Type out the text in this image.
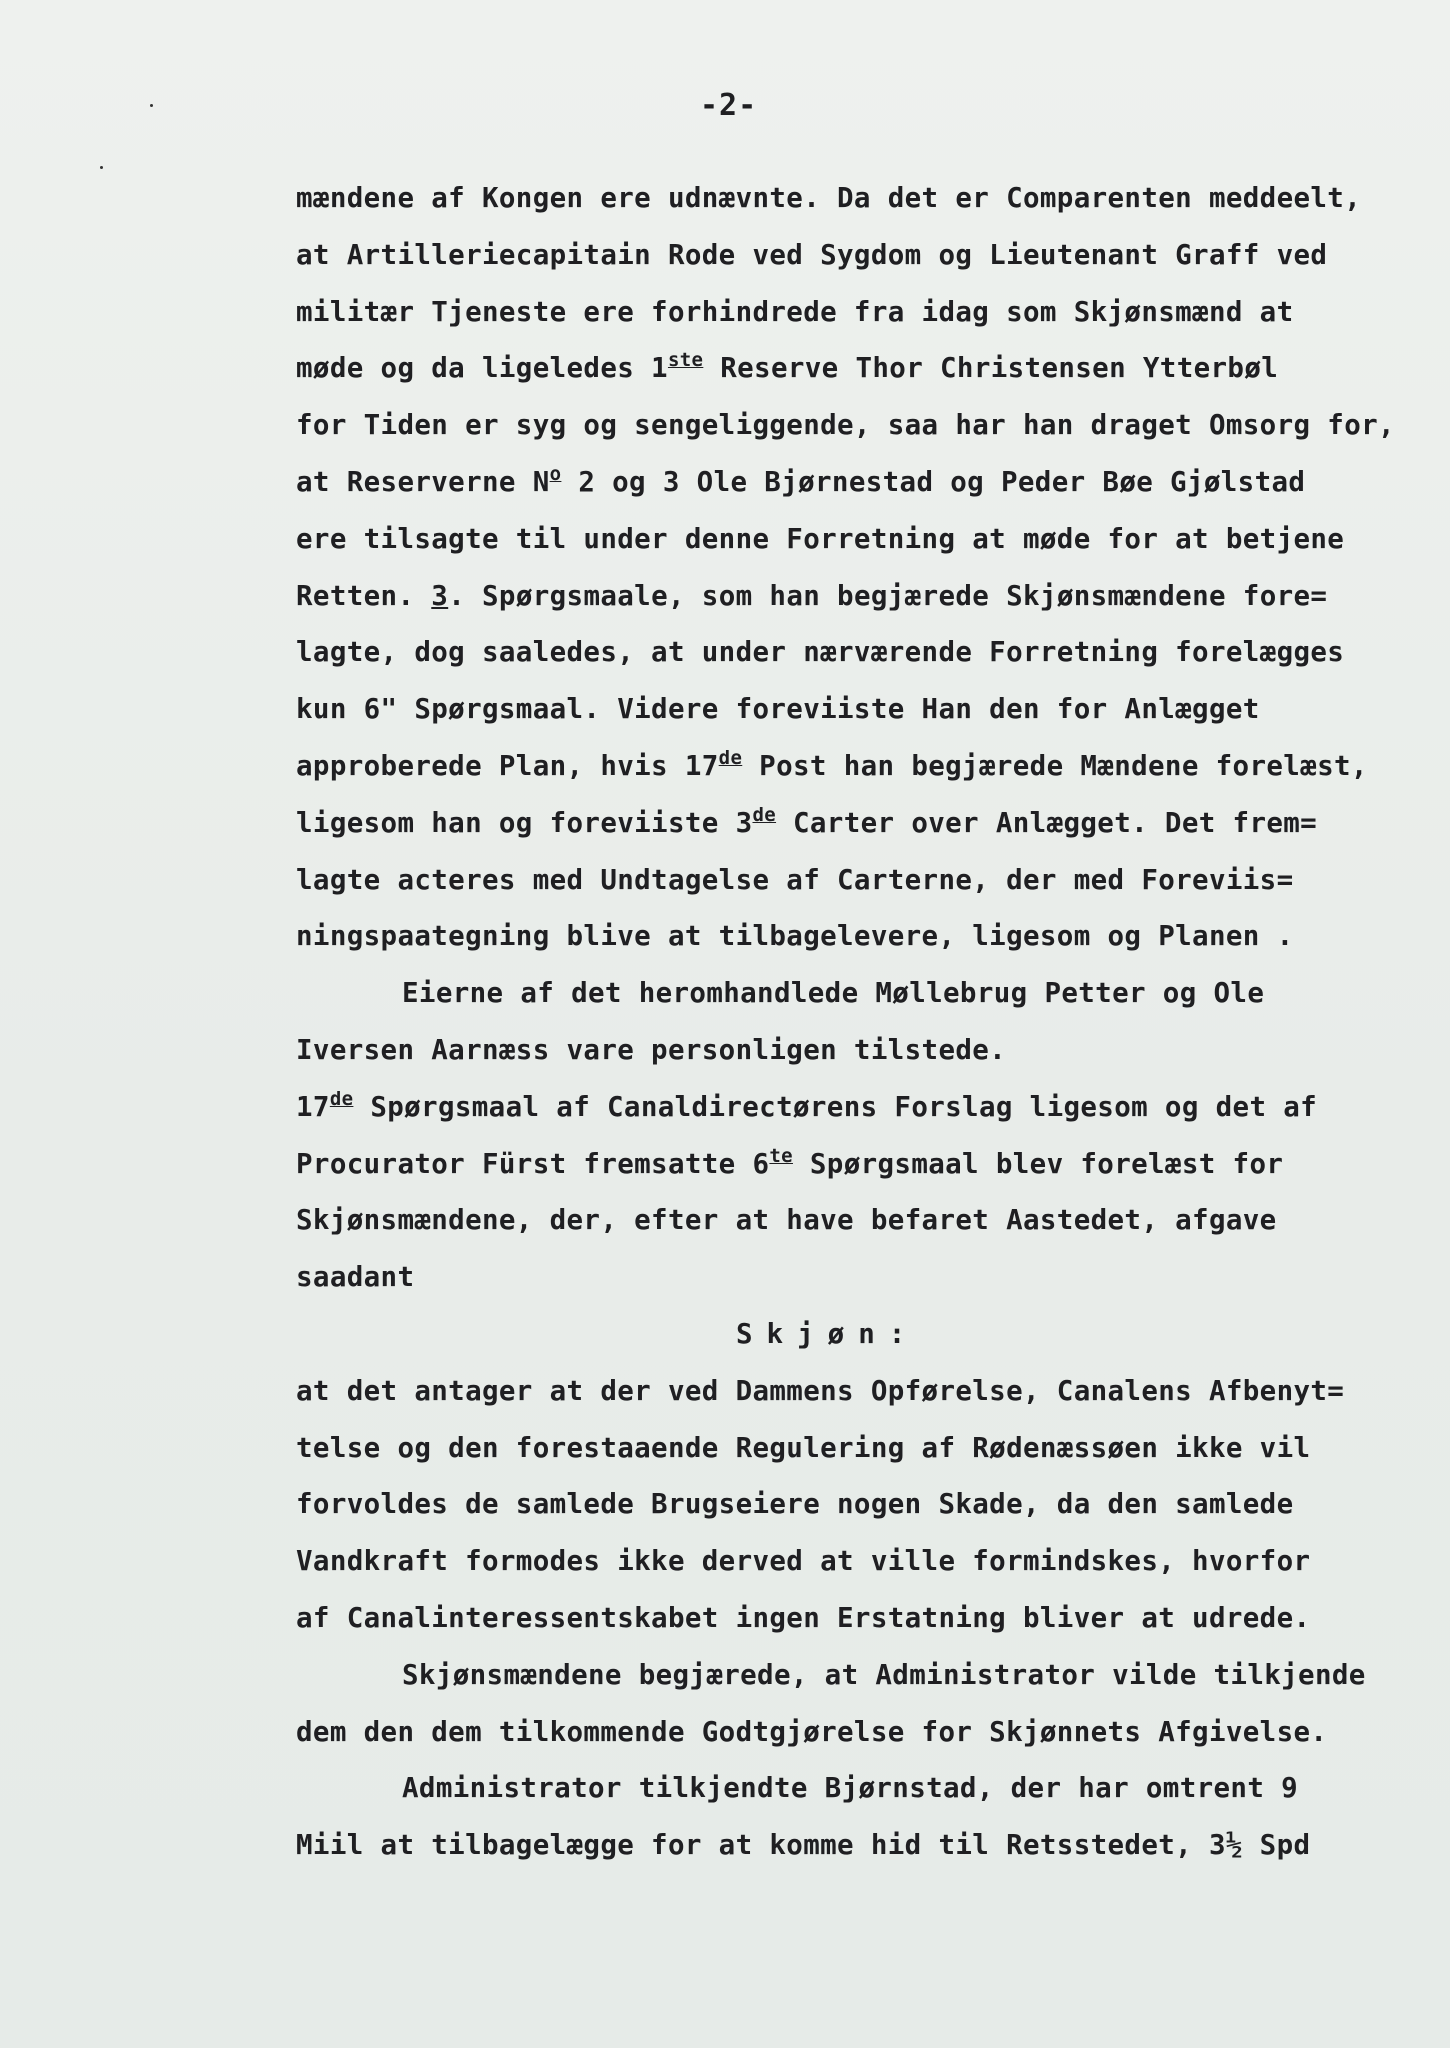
-2-
mændene af Kongen ere udnævnte. Da det er Comparenten meddeelt,
at Artilleriecapitain Rode ved Sygdom og Lieutenant Graff ved
militær Tjeneste ere forhindrede fra idag som Skjønsmænd at
møde og da ligeledes 1ste Reserve Thor Christensen Ytterbøl
for Tiden er syg og sengeliggende, saa har han draget Omsorg for,
at Reserverne $N^o$ 2 og 3 Ole Bjørnestad og Peder Bøe Gjølstad
ere tilsagte til under denne Forretning at møde for at betjene
Retten. 3. Spørgsmaale, som han begjærede Skjønsmændene fore=
lagte, dog saaledes, at under nærværende Forretning forelægges
kun 6" Spørgsmaal. Videre foreviiste Han den for Anlægget
approberede Plan, hvis 17de Post han begjærede Mændene forelæst,
ligesom han og foreviiste 3de Carter over Anlægget. Det frem=
lagte acteres med Undtagelse af Carterne, der med Foreviis=
ningspaategning blive at tilbagelevere, ligesom og Planen .
Eierne af det heromhandlede Møllebrug Petter og Ole
Iversen Aarnæss vare personligen tilstede.
17de Spørgsmaal af Canaldirectørens Forslag ligesom og det af
Procurator Fürst fremsatte $6^{te}$ Spørgsmaal blev forelæst for
Skjønsmændene, der, efter at have befaret Aastedet, afgave
saadant
Skjøn:
at det antager at der ved Dammens Opførelse, Canalens Afbenyt=
telse og den forestaaende Regulering af Rødenæssøen ikke vil
forvoldes de samlede Brugseiere nogen Skade, da den samlede
Vandkraft formodes ikke derved at ville formindskes, hvorfor
af Canalinteressentskabet ingen Erstatning bliver at udrede.
Skjønsmændene begjærede, at Administrator vilde tilkjende
dem den dem tilkommende Godtgjørelse for Skjønnets Afgivelse.
Administrator tilkjendte Bjørnstad, der har omtrent 9
Miil at tilbagelægge for at komme hid til Retsstedet, 3½ Spd
